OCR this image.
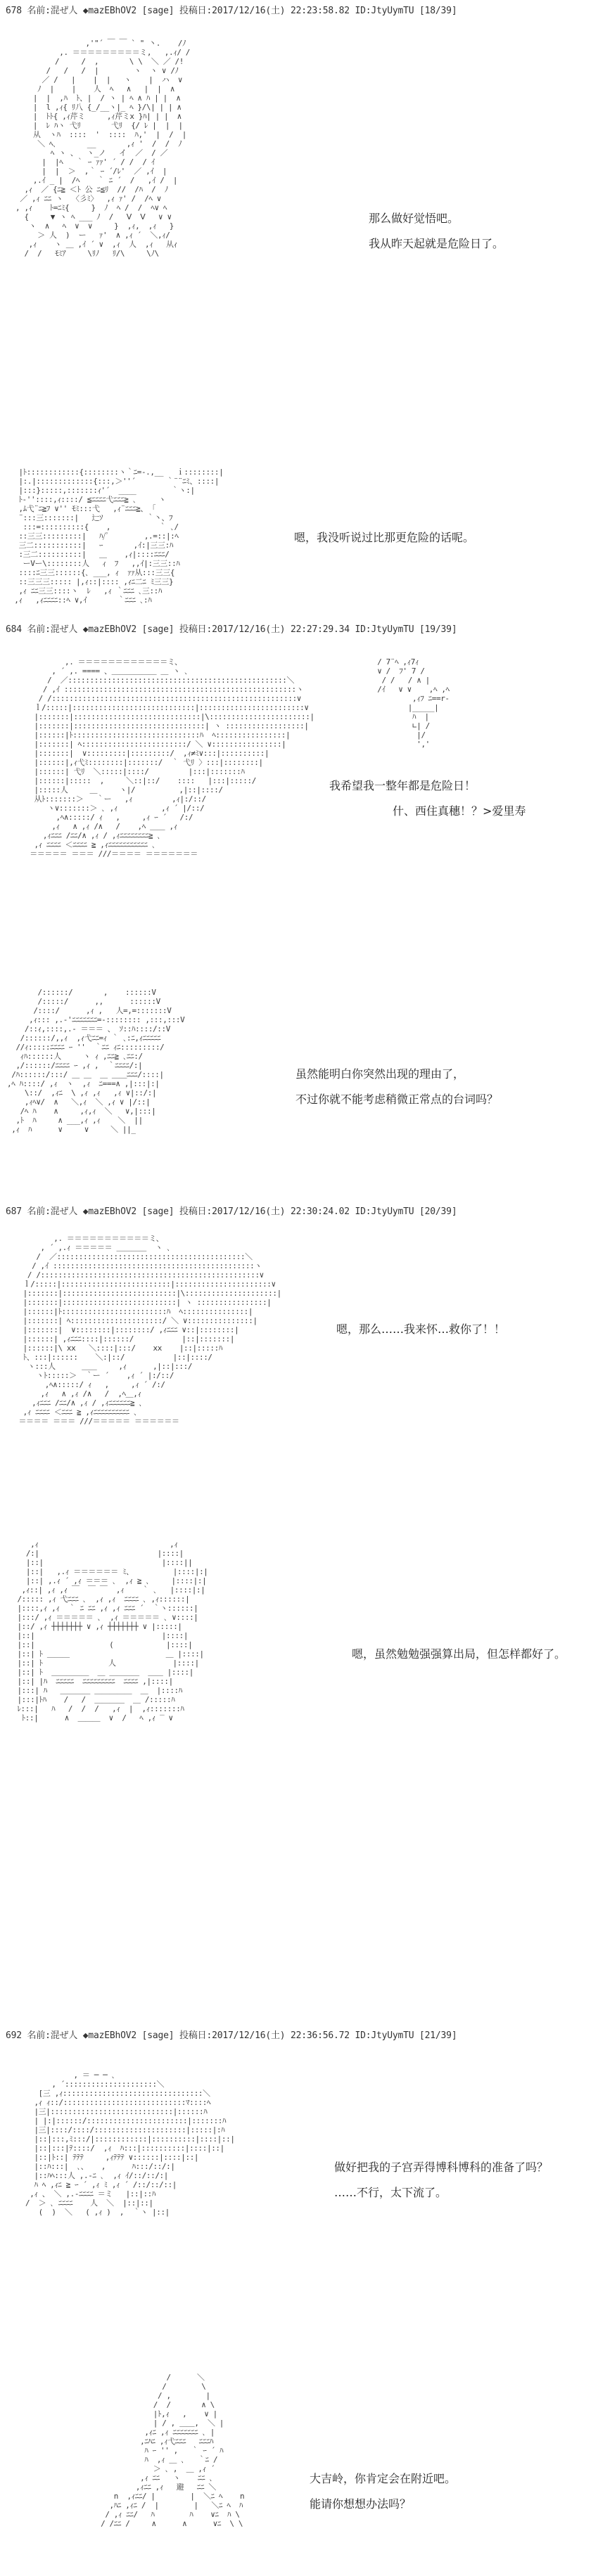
678 名前:混ぜ人 ◆mazEBhOV2 [sage] 投稿日:2017/12/16(土) 22:23:58.82 ID:JtyUymTU [18/39]
,'"´ ￣ ￣ ` " 丶.    /ﾉ
,. ＝＝＝＝＝＝＝＝＝ミ,   ,.ｨ/ /
/     /  ,       \ \  ＼ ／ /!
/   /   /  |        ヽ  ヽ ∨ /ﾉ
／ /   |    |  |   ヽ    |  ハ  ∨
ﾉ  |    |    人  ﾍ   ∧   |  |  ∧
|  |  ,ﾊ  ﾄ、|  / ヽ | ﾍ ∧ ﾊ | |  ∧
|  l ,ｨ{ ﾘ八 {_/__ヽ|_ ﾍ }/\| | | ∧
|  ﾄﾄ{ ,ｨ芹ミ     ,ｨ芹ミx }ﾊ| | |  ∧
|  ﾚ ﾊヽ 弋ﾘ       弋ﾘ  {/ ﾚ |  |  |
从  ヽﾊ  ::::  '  ::::  ﾊ,'  |  /  |
＼ ﾍ､       __       ,ｨ '  /  /  ﾉ
ﾍ ヽ 、  ヽ_ノ   イ  ／  / ／
|  |ﾍ   ｀ ｰ ｧｧ' ´ / /  / ｲ
|  |  ＞  ,｀ ｰ ´/ﾚ'  ／ ,ｲ  |
,.ｲ _ |  /ﾍ    ｀ ﾆ ´  /   ,ｲ /  |
,ｨ  ／ {ﾆ≧ ＜ﾄ 公 ﾆ≦ﾘ  //  /ﾊ  /  ﾉ
／ ,ｨ ﾆﾆ ヽ  〈彡ﾐ〉  ,ｨ ｧ' /  /ﾍ ∨
, ,ｨ    ﾄ=ﾆﾐ{     }  ﾉ  ﾍ /  /  ﾍ∨ ﾍ
{     ▼ ヽ ﾍ ___ ﾉ  /   Ⅴ  Ⅴ   ∨ ∨
ヽ  ∧   ﾍ  ∨  ∨     }  ,ｨ,  ,ｨ   }
＞ 人  )  ー   ｧ'  ∧ ,ｨ ´  ＼,ｨ/
,ｨ    ヽ ＿ ,ｲ ´ ∨  ,ｨ  人  ,ｨ   从ｨ
/  /   ﾓﾐｱ     \ﾘﾉ   ﾘ/\     \ﾉ\
那么做好觉悟吧。
我从昨天起就是危险日了。
|ﾄ::::::::::::{::::::::ヽ｀ﾆ=-.,__   ｉ::::::::|
|:.|:::::::::::::{:::,＞''´       ｀¨¨ﾆﾐ、::::|
|:::}:::::,:::::::ｨ'´  ____        ｀ヽ:|
ﾄ-''::::,ｨ::::/ ≦ﾆﾆﾆﾆ弋ﾆﾆﾆ≧ ､     ヽ
,ﾑ弋¨ﾆ≧ﾌ ∨'' ﾓﾐ:::弋   ,ｨ¨ﾆﾆﾆ≧、 ｢
¨:::三:::::::|   辷ｿ          ｀丶、ﾌ
:::=::::::::::{    ,           ｀ ､/
::三三:::::::::|   ﾊ/ﾟ        ,.=::|:ﾍ
三二:::::::::::|   ｰ       ,ｲ:|三三:ﾊ
:三二::::::::::|   ＿    ,ｨ|::::ﾆﾆﾆ/
ーVー\::::::::人   ｨ  ﾌ   ,,ｲ|:三三::ﾊ
::::ﾆ三三::::::{､ ___, ｨ  ｧｧ从:::三三{
::三三三::::: |,ｨ::|:::: ,ｨﾆ二ﾆ ﾐ三三}
,ｨ ﾆﾆ三三::::ヽ  ﾚ   ,ｨ ｀ﾆﾆﾆ ､三::ﾊ
,ｨ   ,ｨﾆﾆﾆﾆ::ﾍ ∨,ｲ       ｀ﾆﾆﾆ ､:ﾊ
嗯，我没听说过比那更危险的话呢。
684 名前:混ぜ人 ◆mazEBhOV2 [sage] 投稿日:2017/12/16(土) 22:27:29.34 ID:JtyUymTU [19/39]
,. ＝＝＝＝＝＝＝＝＝＝＝＝ミ、
, ´ ,. ==== 、＿＿＿＿＿＿ ＿ ヽ ､
/  ／::::::::::::::::::::::::::::::::::::::::::::::::::＼
/ ,ｲ :::::::::::::::::::::::::::::::::::::::::::::::::::::ヽ
/ /::::::::::::::::::::::::::::::::::::::::::::::::::::::::∨
ｌ/:::::|::::::::::::::::::::::::::::|::::::::::::::::::::::::∨
|:::::::|:::::::::::::::::::::::::::::|\:::::::::::::::::::::::|
|:::::::|::::::::::::::::::::::::::::::| ヽ ::::::::::::::::::|
|::::::|ﾄ:::::::::::::::::::::::::::::ﾊ  ﾍ::::::::::::::::|
|:::::::| ﾍ::::::::::::::::::::::::/ ＼ ∨::::::::::::::::|
|:::::::|  ∨:::::::::|:::::::::/  ,ｨ≠ﾐ∨:::|::::::::::|
|::::::|,ｨ弋ﾐ::::::::|:::::::/  ｀ 弋ﾘ 〉:::|::::::::|
|::::::| 弋ﾘ  ＼:::::|::::/         |:::|:::::::ﾊ
|::::::|:::::  ,     ＼::|::/    ::::   |:::|:::::/
|:::::人     ＿     ヽ|/          ,|::|::::/
从ﾄ:::::::＞   ｀ー   ,ｨ         ,ｨ|:/::/
ヽ∨:::::::＞ ､ ,ｨ          ,ｨ ´ |/::/
,ﾍ∧:::::/ ｨ   ,     ,ｨ ｰ ´   /:/
,ｨ   ∧ ,ｨ /∧   /    ,ﾍ ＿＿ ,ｨ
,ｨﾆﾆﾆ /ﾆﾆ/∧ ,ｨ / ,ｨﾆﾆﾆﾆﾆﾆﾆﾆ≧ ､
,ｨ ﾆﾆﾆﾆ ＜ﾆﾆﾆﾆ ≧ ,ｨﾆﾆﾆﾆﾆﾆﾆﾆﾆﾆﾆ ､
＝＝＝＝＝ ＝＝＝ ///＝＝＝＝ ＝＝＝＝＝＝＝
/ 7¨ﾍ ,ｨ7ｨ
∨ /  ﾌ' 7 /
/ /   / ∧ |
/ｲ   ∨ ∨    ,ﾍ ,ﾍ
,ｨﾌ ﾆ==r‐
|_____|
ﾊ  |
∟| /
|/
','
我希望我一整年都是危险日！
什、西住真穗！？>爱里寿
/::::::/       ,    ::::::V
/:::::/      ,,      ::::::V
/::::/      ,ｨ ,   人=,=:::::::V
,ｨ::: ,.-'ﾆﾆﾆﾆﾆﾆﾆ=-:::::::: ,:::,:::V
/::ｨ,::::,.- ＝＝＝ 、 ｿ::ﾊ::::/::V
/::::::/,,ｨ  ,ｨ弋ﾆﾆ=ｨ ｀ ､:ﾆ,ｨﾆﾆﾆﾆﾆ
//ｨ:::::ﾆﾆﾆﾆ ｰ ''  ｀ﾆﾆ ｨﾆ:::::::::/
ｨﾊ::::::人     ヽ ｨ ,ﾆﾆ≧ ､ﾆﾆ:/
,/::::::/ﾆﾆﾆﾆ ｰ ,ｨ ,  ｀ﾆﾆﾆﾆ/:|
/ﾊ::::::/:::/ ＿ ＿  ＿ ＿＿ﾆﾆﾆ/::::|
,ﾍ ﾊ::::/ ,ｨ  ヽ  ,ｨ  ﾆ===∧ ,|:::|:|
\::/  ,ｨﾆ  \ ,ｨ ,ｨ   ,ｨ ∨|::/:|
,ｨﾍ∨/  ∧   ＼,ｨ  ＼ ,ｨ ∨ |/::|
/ﾍ ﾊ    ∧     ,ｨ,ｨ  ＼   ∨,|:::|
,ﾄ  ﾊ     ∧ ___,ｨ ,ｨ    ＼  ||
,ｨ  ﾊ      ∨     ∨     ＼ ||_
虽然能明白你突然出现的理由了，
不过你就不能考虑稍微正常点的台词吗？
687 名前:混ぜ人 ◆mazEBhOV2 [sage] 投稿日:2017/12/16(土) 22:30:24.02 ID:JtyUymTU [20/39]
,. ＝＝＝＝＝＝＝＝＝＝＝ミ、
, ´ ,.ｨ ＝＝＝＝＝ ＿＿＿＿  ヽ ､
/  ／:::::::::::::::::::::::::::::::::::::::::::＼
/ ,ｲ ::::::::::::::::::::::::::::::::::::::::::::::ヽ
/ /::::::::::::::::::::::::::::::::::::::::::::::::::∨
ｌ/:::::|:::::::::::::::::::::::::|::::::::::::::::::::::∨
|:::::::|::::::::::::::::::::::::::|\:::::::::::::::::::::|
|:::::::|::::::::::::::::::::::::::| ヽ ::::::::::::::::|
|::::::|ﾄ::::::::::::::::::::::::ﾊ  ﾍ:::::::::::::::|
|:::::::| ﾍ:::::::::::::::::::::/ ＼ ∨:::::::::::::::|
|:::::::|  ∨::::::::|::::::::/ ,ｨﾆﾆﾆ ∨::|::::::::|
|::::::| ,ｨﾆﾆﾆ::::|::::::/           |::|:::::::|
|::::::|\ xx   ＼::::|:::/    xx    |::|:::::ﾊ
ﾄ、:::|::::::    ＼:|::/           |::|::::/
ヽ:::人      ＿＿     ,ｨ      ,|::|:::/
ヽﾄ:::::＞  ｀ー ´    ,ｨ ´ |:/::/
,ﾍ∧:::::/ ｨ   ,     ,ｨ ´ /:/
,ｨ   ∧ ,ｨ /∧   /  ,ﾍ＿,ｨ
,ｨﾆﾆﾆ /ﾆﾆ/∧ ,ｨ / ,ｨﾆﾆﾆﾆﾆﾆ≧ ､
,ｨ ﾆﾆﾆﾆ ＜ﾆﾆﾆ ≧ ,ｨﾆﾆﾆﾆﾆﾆﾆﾆﾆﾆ ､
＝＝＝＝ ＝＝＝ ///＝＝＝＝＝ ＝＝＝＝＝＝
嗯，那么……我来怀…救你了！！
,ｨ                              ,ｨ
/:|                           |::::|
|::|                           |::::||
|::|   ,.ｨ ＝＝＝＝＝＝ ﾐ、         |::::|:|
|::| ,.ｨ ´ ,ｨ ＝＝＝ ､  ,ｨ ≧ ､     |::::|:|
,ｨ::| ,ｨ ,ｨ ￣  ￣ ￣  ,ｨ    ｀ ､   |::::|:|
/::::: ,ｨ 弋ﾆﾆﾆ ､  ,ｨ ,ｨ  ﾆﾆﾆﾆ ､ ,ｨ::::::|
|::::,ｨ ,ｨ  ｀ ﾆ ﾆﾆ ,ｨ ,ｨ ﾆﾆﾆ ´  ｀ヽ::::::|
|:::/ ,ｨ ＝＝＝＝＝ ､  ,ｨ ＝＝＝＝＝ ､ ∨::::|
|::/ ,ｨ ┼┼┼┼┼┼┼ ∨ ,ｨ ┼┼┼┼┼┼┼ ∨ |:::::|
|::|                             |::::|
|::|                 (            |::::|
|::| ﾄ ＿＿＿                      ＿ |::::|
|::| ﾄ               人             |::::|
|::| ﾄ  ＿＿＿＿＿  ＿ ＿＿＿＿  ＿＿ |::::|
|::| |ﾊ  ﾆﾆﾆﾆﾆ  ﾆﾆﾆﾆﾆﾆﾆﾆﾆ  ﾆﾆﾆﾆ ,|::::|
|:::| ﾊ   ＿＿＿＿ ＿＿＿＿＿  ＿  |::::ﾊ
|:::|ﾄﾊ    /   /  ＿＿＿＿  ＿ /:::::ﾊ
ﾚ:::|   ﾊ   /  /  /   ,ｨ  |  ,ｨ:::::::ﾊ
ﾄ::|      ∧  ＿＿＿  ∨  /   ﾍ ,ｨ ‾ ∨
嗯，虽然勉勉强强算出局，但怎样都好了。
692 名前:混ぜ人 ◆mazEBhOV2 [sage] 投稿日:2017/12/16(土) 22:36:56.72 ID:JtyUymTU [21/39]
, ＝ ─ ─ ､
, ´:::::::::::::::::::::＼
[三 ,ｨ::::::::::::::::::::::::::::::::＼
,ｨ ｨ::/::::::::::::::::::::::::::::ﾏ::::ﾍ
|三|::::::::::::::::::::::::::::|::::::ﾊ
| |:|::::::/:::::::::::::::::::::::|:::::::ﾊ
|三|::::/::::/:::::::::::::::::::::|:::::|:ﾊ
|::|:::,ﾐ:::/|::::::::::::|::::::::::|::::|::|
|::|:::|ﾃ::::/  ,ｨ  ﾊ:::|::::::::::|::::|::|
|::|ﾄ::| ﾃﾃﾃ     ,ｨﾃﾃﾃ ∨::::::|::::|::|
|::ﾊ:::|  ､、   ,      ﾊ:::/::/:|
|::ﾊﾍ:::人 ,.-ﾆ ､  ,ｨ ｲ/::/::/:|
ﾊ ﾍ ,ｨﾆ ≧ ｰ ´ ,ｨ ﾐ ,ｨ ´ /::/::/::|
,ｨ 、 ＼ ,.-ﾆﾆﾆﾆ ＝ミ   |::|::ﾊ
/  ＞ ､ ﾆﾆﾆﾆ    人  ＼  |::|::|
(  )  ＼   ( ,ｨ )  ,  ｀ヽ |::|
做好把我的子宫弄得博科博科的准备了吗？
……不行，太下流了。
/      ＼
/        \
/ ,        |
/  /       ∧ \
|ﾄ,ｨ   ,    ∨ |
| / , ＿＿,  ＼ |
,ｨﾆ ,ｨ ﾆﾆﾆﾆﾆﾆﾆ ､ |
,ﾆﾊﾆ ,ｨ弋ﾆﾆﾆ   ﾆﾆﾆﾊ
ﾊ ｰ '' ,   ｀ ｰ ´ ﾊ
ﾊ  ,ｨ ＿ ､   ｀ﾆ /
＞ ､ ,  ＿ ,ｨ ´
,ｨ ﾆﾆ   ヽ    ﾆﾆ ､
,ｨﾆﾆ ,ｨ   避   ﾆﾆ ＼
n  ,ｨﾆﾆ/ |        |  ＼ﾆ ﾍ    n
,ﾊﾆ ,ｨﾆ /  |        |   ＼ﾆ ﾍ  ﾊ
/ ,ｨ ﾆﾆ/   ﾊ        ﾊ    ∨ﾆ  ﾊ \
/ /ﾆﾆ /     ∧      ∧      ∨ﾆ  \ \
大吉岭，你肯定会在附近吧。
能请你想想办法吗？
